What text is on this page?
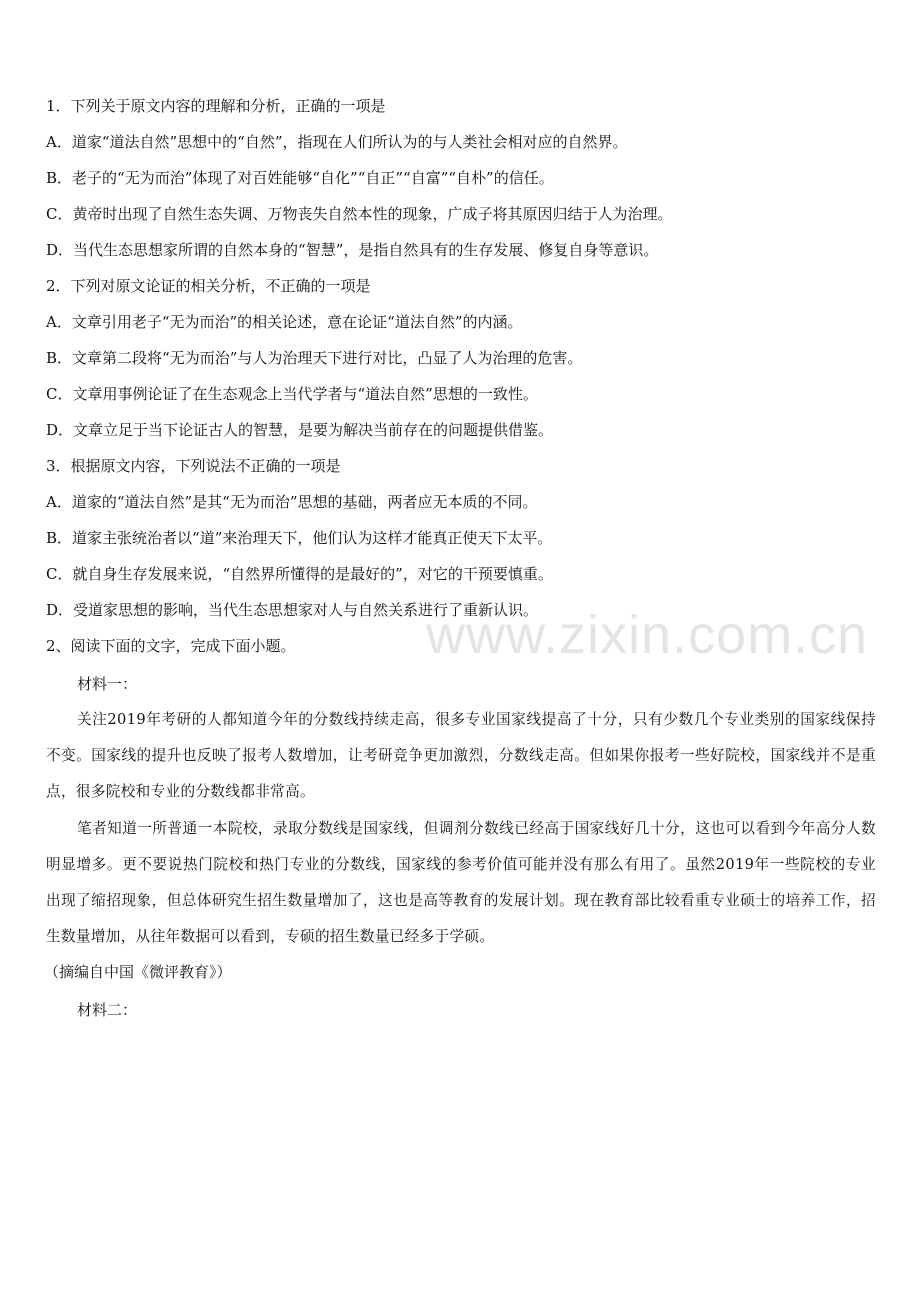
www.zixin.com.cn
1．下列关于原文内容的理解和分析，正确的一项是
A．道家“道法自然”思想中的“自然”，指现在人们所认为的与人类社会相对应的自然界。
B．老子的“无为而治”体现了对百姓能够“自化”“自正”“自富”“自朴”的信任。
C．黄帝时出现了自然生态失调、万物丧失自然本性的现象，广成子将其原因归结于人为治理。
D．当代生态思想家所谓的自然本身的“智慧”，是指自然具有的生存发展、修复自身等意识。
2．下列对原文论证的相关分析，不正确的一项是
A．文章引用老子“无为而治”的相关论述，意在论证“道法自然”的内涵。
B．文章第二段将“无为而治”与人为治理天下进行对比，凸显了人为治理的危害。
C．文章用事例论证了在生态观念上当代学者与“道法自然”思想的一致性。
D．文章立足于当下论证古人的智慧，是要为解决当前存在的问题提供借鉴。
3．根据原文内容，下列说法不正确的一项是
A．道家的“道法自然”是其“无为而治”思想的基础，两者应无本质的不同。
B．道家主张统治者以“道”来治理天下，他们认为这样才能真正使天下太平。
C．就自身生存发展来说，“自然界所懂得的是最好的”，对它的干预要慎重。
D．受道家思想的影响，当代生态思想家对人与自然关系进行了重新认识。
2、阅读下面的文字，完成下面小题。
材料一：
关注2019年考研的人都知道今年的分数线持续走高，很多专业国家线提高了十分，只有少数几个专业类别的国家线保持不变。国家线的提升也反映了报考人数增加，让考研竞争更加激烈，分数线走高。但如果你报考一些好院校，国家线并不是重点，很多院校和专业的分数线都非常高。
笔者知道一所普通一本院校，录取分数线是国家线，但调剂分数线已经高于国家线好几十分，这也可以看到今年高分人数明显增多。更不要说热门院校和热门专业的分数线，国家线的参考价值可能并没有那么有用了。虽然2019年一些院校的专业出现了缩招现象，但总体研究生招生数量增加了，这也是高等教育的发展计划。现在教育部比较看重专业硕士的培养工作，招生数量增加，从往年数据可以看到，专硕的招生数量已经多于学硕。
（摘编自中国《微评教育》）
材料二：
